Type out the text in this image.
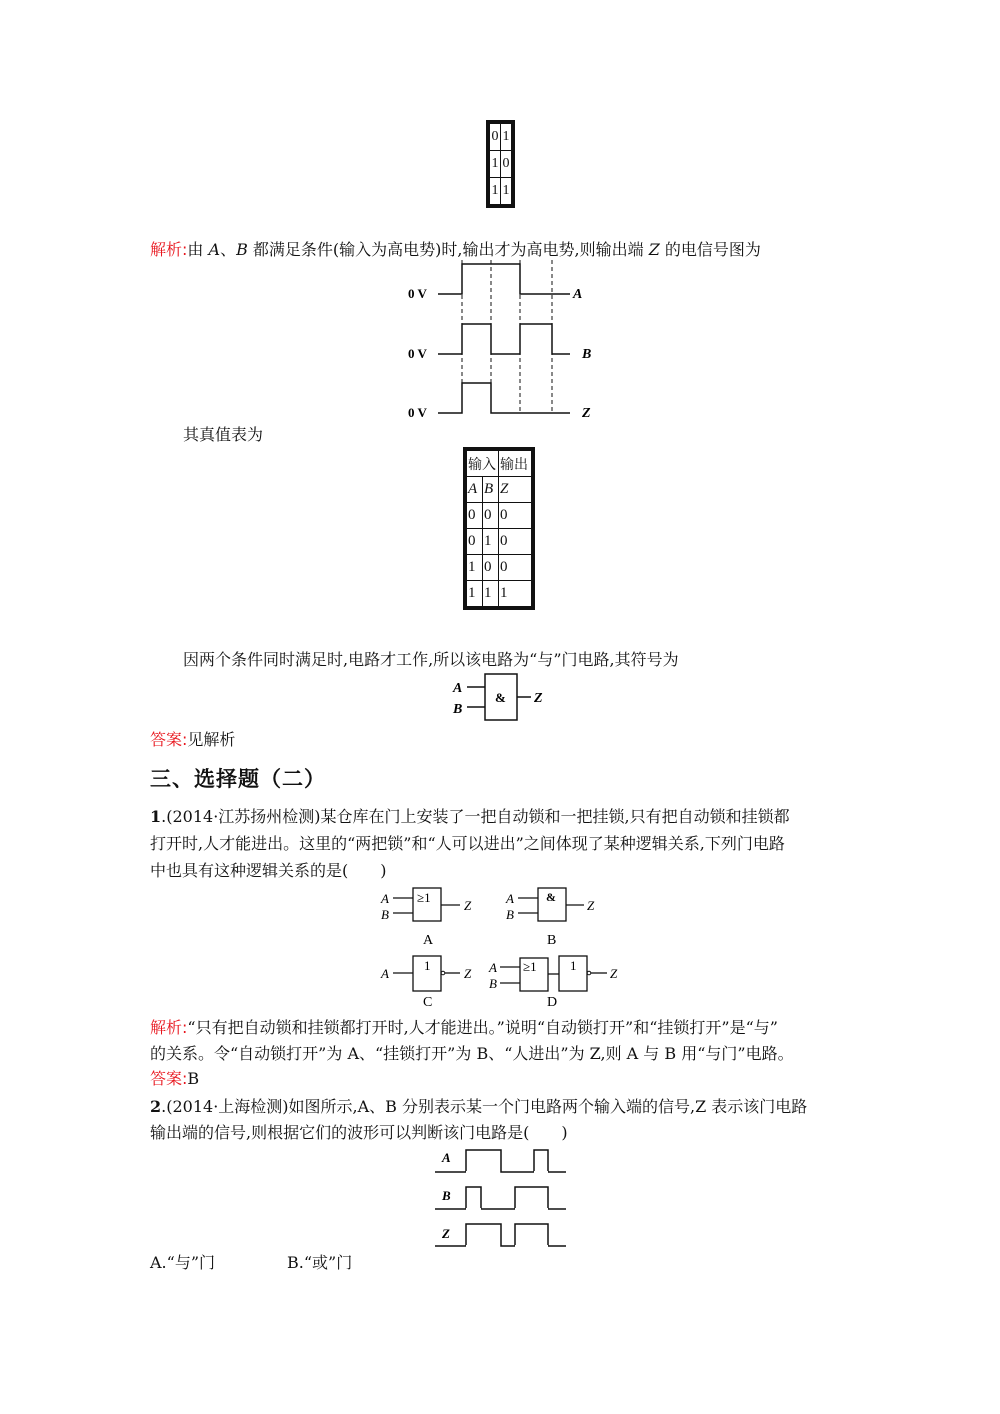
0	1
1	0
1	1
解析:由 A、B 都满足条件(输入为高电势)时,输出才为高电势,则输出端 Z 的电信号图为
0 V
0 V
0 V
A
B
Z
其真值表为
输入		输出
A	B	Z
0	0	0
0	1	0
1	0	0
1	1	1
因两个条件同时满足时,电路才工作,所以该电路为“与”门电路,其符号为
A
B
& Z
答案:见解析
三、选择题（二）
1.(2014·江苏扬州检测)某仓库在门上安装了一把自动锁和一把挂锁,只有把自动锁和挂锁都
打开时,人才能进出。这里的“两把锁”和“人可以进出”之间体现了某种逻辑关系,下列门电路
中也具有这种逻辑关系的是(　　)
A
B
≥1
Z
A
A
B
&
Z
B
A
1
Z
C
A
B
≥1	1
Z
D
解析:“只有把自动锁和挂锁都打开时,人才能进出。”说明“自动锁打开”和“挂锁打开”是“与”
的关系。令“自动锁打开”为 A、“挂锁打开”为 B、“人进出”为 Z,则 A 与 B 用“与门”电路。
答案:B
2.(2014·上海检测)如图所示,A、B 分别表示某一个门电路两个输入端的信号,Z 表示该门电路
输出端的信号,则根据它们的波形可以判断该门电路是(　　)
A
B
Z
A.“与”门	B.“或”门
